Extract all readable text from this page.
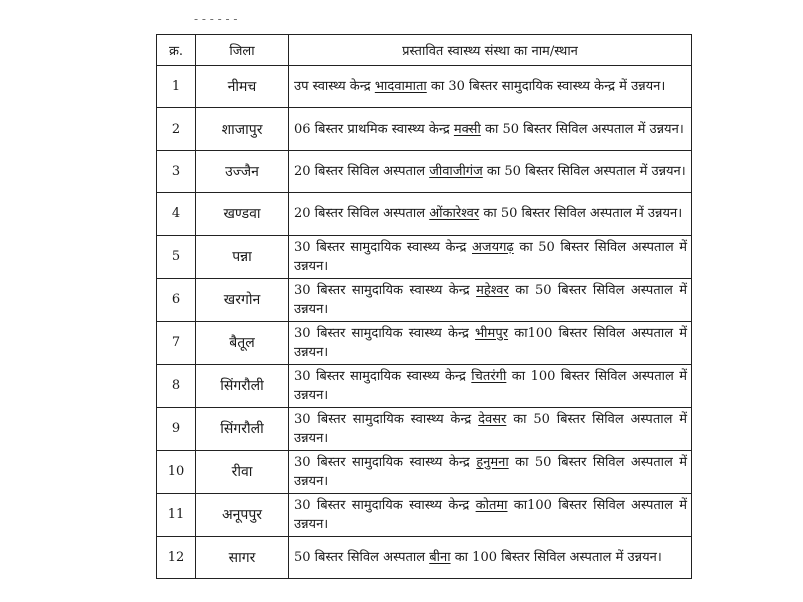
- - - - - -
क्र.	जिला	प्रस्तावित स्वास्थ्य संस्था का नाम/स्थान
1	नीमच	उप स्वास्थ्य केन्द्र भादवामाता का 30 बिस्तर सामुदायिक स्वास्थ्य केन्द्र में उन्नयन।
2	शाजापुर	06 बिस्तर प्राथमिक स्वास्थ्य केन्द्र मक्सी का 50 बिस्तर सिविल अस्पताल में उन्नयन।
3	उज्जैन	20 बिस्तर सिविल अस्पताल जीवाजीगंज का 50 बिस्तर सिविल अस्पताल में उन्नयन।
4	खण्डवा	20 बिस्तर सिविल अस्पताल ओंकारेश्वर का 50 बिस्तर सिविल अस्पताल में उन्नयन।
5	पन्ना	30 बिस्तर सामुदायिक स्वास्थ्य केन्द्र अजयगढ़ का 50 बिस्तर सिविल अस्पताल में उन्नयन।
6	खरगोन	30 बिस्तर सामुदायिक स्वास्थ्य केन्द्र महेश्वर का 50 बिस्तर सिविल अस्पताल में उन्नयन।
7	बैतूल	30 बिस्तर सामुदायिक स्वास्थ्य केन्द्र भीमपुर का100 बिस्तर सिविल अस्पताल में उन्नयन।
8	सिंगरौली	30 बिस्तर सामुदायिक स्वास्थ्य केन्द्र चितरंगी का 100 बिस्तर सिविल अस्पताल में उन्नयन।
9	सिंगरौली	30 बिस्तर सामुदायिक स्वास्थ्य केन्द्र देवसर का 50 बिस्तर सिविल अस्पताल में उन्नयन।
10	रीवा	30 बिस्तर सामुदायिक स्वास्थ्य केन्द्र हनुमना का 50 बिस्तर सिविल अस्पताल में उन्नयन।
11	अनूपपुर	30 बिस्तर सामुदायिक स्वास्थ्य केन्द्र कोतमा का100 बिस्तर सिविल अस्पताल में उन्नयन।
12	सागर	50 बिस्तर सिविल अस्पताल बीना का 100 बिस्तर सिविल अस्पताल में उन्नयन।
